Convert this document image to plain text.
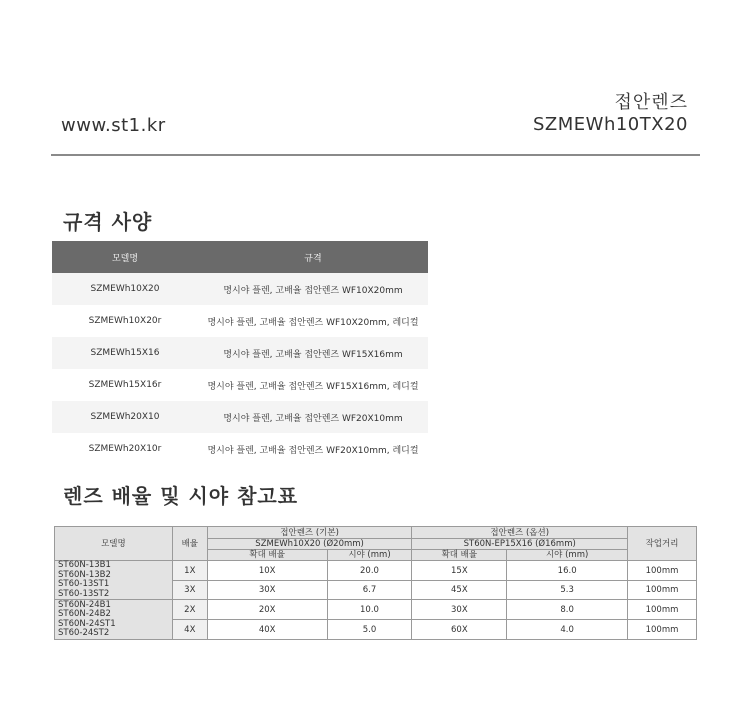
접안렌즈
SZMEWh10TX20
www.st1.kr
규격 사양
모델명	규격
SZMEWh10X20	명시야 플렌, 고배율 접안렌즈 WF10X20mm
SZMEWh10X20r	명시야 플렌, 고배율 접안렌즈 WF10X20mm, 레디컬
SZMEWh15X16	명시야 플렌, 고배율 접안렌즈 WF15X16mm
SZMEWh15X16r	명시야 플렌, 고배율 접안렌즈 WF15X16mm, 레디컬
SZMEWh20X10	명시야 플렌, 고배율 접안렌즈 WF20X10mm
SZMEWh20X10r	명시야 플렌, 고배율 접안렌즈 WF20X10mm, 레디컬
렌즈 배율 및 시야 참고표
모델명	배율	접안렌즈 (기본)		접안렌즈 (옵션)		작업거리
		SZMEWh10X20 (Ø20mm)		ST60N-EP15X16 (Ø16mm)		
		확대 배율	시야 (mm)	확대 배율	시야 (mm)	

ST60N-13B1
ST60N-13B2
ST60-13ST1
ST60-13ST2	1X	10X	20.0	15X	16.0	100mm
	3X	30X	6.7	45X	5.3	100mm

ST60N-24B1
ST60N-24B2
ST60N-24ST1
ST60-24ST2	2X	20X	10.0	30X	8.0	100mm
	4X	40X	5.0	60X	4.0	100mm
